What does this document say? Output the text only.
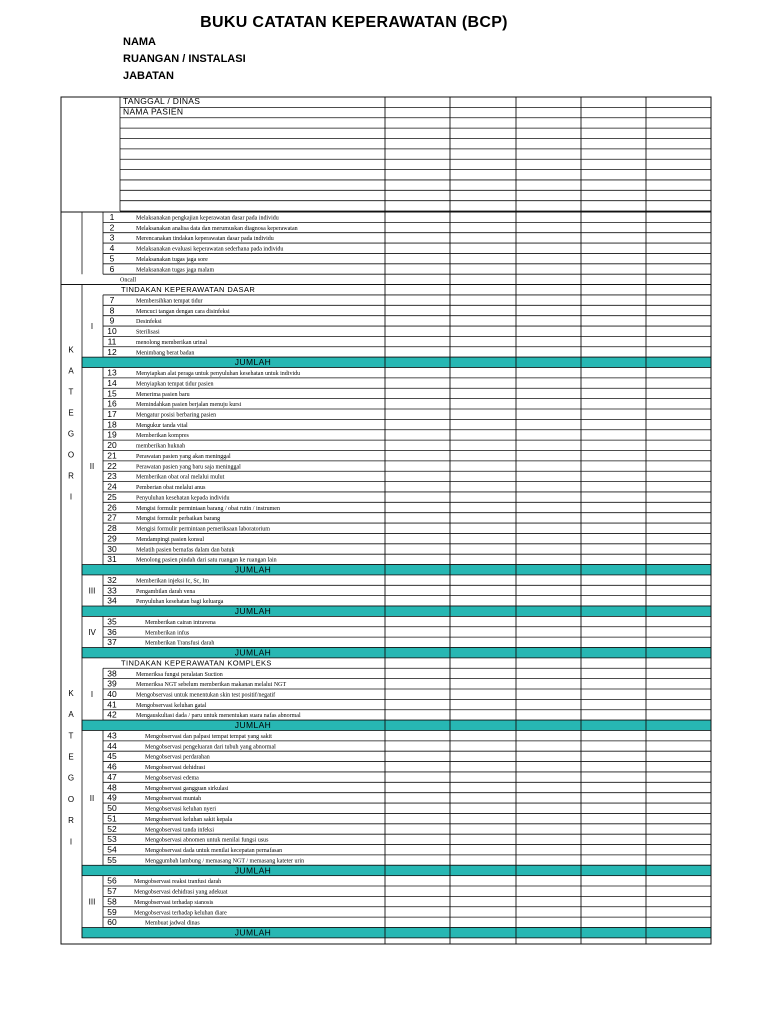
BUKU CATATAN KEPERAWATAN (BCP)
NAMA
RUANGAN / INSTALASI
JABATAN
TANGGAL / DINAS
NAMA PASIEN
1	Melaksanakan pengkajian keperawatan dasar pada individu
2	Melaksanakan analisa data dan merumuskan diagnosa keperawatan
3	Merencanakan tindakan keperawatan dasar pada individu
4	Melaksanakan evaluasi keperawatan sederhana pada individu
5	Melaksanakan tugas jaga sore
6	Melaksanakan tugas jaga malam
Oncall
TINDAKAN KEPERAWATAN DASAR
7	Membersihkan tempat tidur
8	Mencuci tangan dengan cara disinfeksi
9	Desinfeksi
10	Sterilisasi
11	menolong memberikan urinal
12	Menimbang berat badan
I
JUMLAH
13	Menyiapkan alat peraga untuk penyuluhan kesehatan untuk individu
14	Menyiapkan tempat tidur pasien
15	Menerima pasien baru
16	Memindahkan pasien berjalan menuju kursi
17	Mengatur posisi berbaring pasien
18	Mengukur tanda vital
19	Memberikan kompres
20	memberikan huknah
21	Perawatan pasien yang akan meninggal
22	Perawatan pasien yang baru saja meninggal
23	Memberikan obat oral melalui mulut
24	Pemberian obat melalui anus
25	Penyuluhan kesehatan kepada individu
26	Mengisi formulir permintaan barang / obat rutin / instrumen
27	Mengisi formulir perbaikan barang
28	Mengisi formulir permintaan pemeriksaan laboratorium
29	Mendampingi pasien konsul
30	Melatih pasien bernafas dalam dan batuk
31	Menolong pasien pindah dari satu ruangan ke ruangan lain
II
JUMLAH
32	Memberikan injeksi Ic, Sc, Im
33	Pengambilan darah vena
34	Penyuluhan kesehatan bagi keluarga
III
JUMLAH
35	Memberikan cairan intravena
36	Memberikan infus
37	Memberikan Transfusi darah
IV
JUMLAH
K
A
T
E
G
O
R
I
TINDAKAN KEPERAWATAN KOMPLEKS
38	Memeriksa fungsi peralatan Suction
39	Memeriksa NGT sebelum memberikan makanan melalui NGT
40	Mengobservasi untuk menentukan skin test positif/negatif
41	Mengobservasi keluhan gatal
42	Mengauskultasi dada / paru untuk menentukan suara nafas abnormal
I
JUMLAH
43	Mengobservasi dan palpasi tempat tempat yang sakit
44	Mengobservasi pengeluaran dari tubuh yang abnormal
45	Mengobservasi perdarahan
46	Mengobservasi dehidrasi
47	Mengobservasi edema
48	Mengobservasi gangguan sirkulasi
49	Mengobservasi muntah
50	Mengobservasi keluhan nyeri
51	Mengobservasi keluhan sakit kepala
52	Mengobservasi tanda infeksi
53	Mengobservasi abnomen untuk menilai fungsi usus
54	Mengobservasi dada untuk menilai kecepatan pernafasan
55	Menggumbah lambung / memasang NGT / memasang kateter urin
II
JUMLAH
56	Mengobservasi reaksi tranfusi darah
57	Mengobservasi dehidrasi yang adekuat
58	Mengobservasi terhadap sianosis
59	Mengobservasi terhadap keluhan diare
60	Membuat jadwal dinas
III
JUMLAH
K
A
T
E
G
O
R
I
